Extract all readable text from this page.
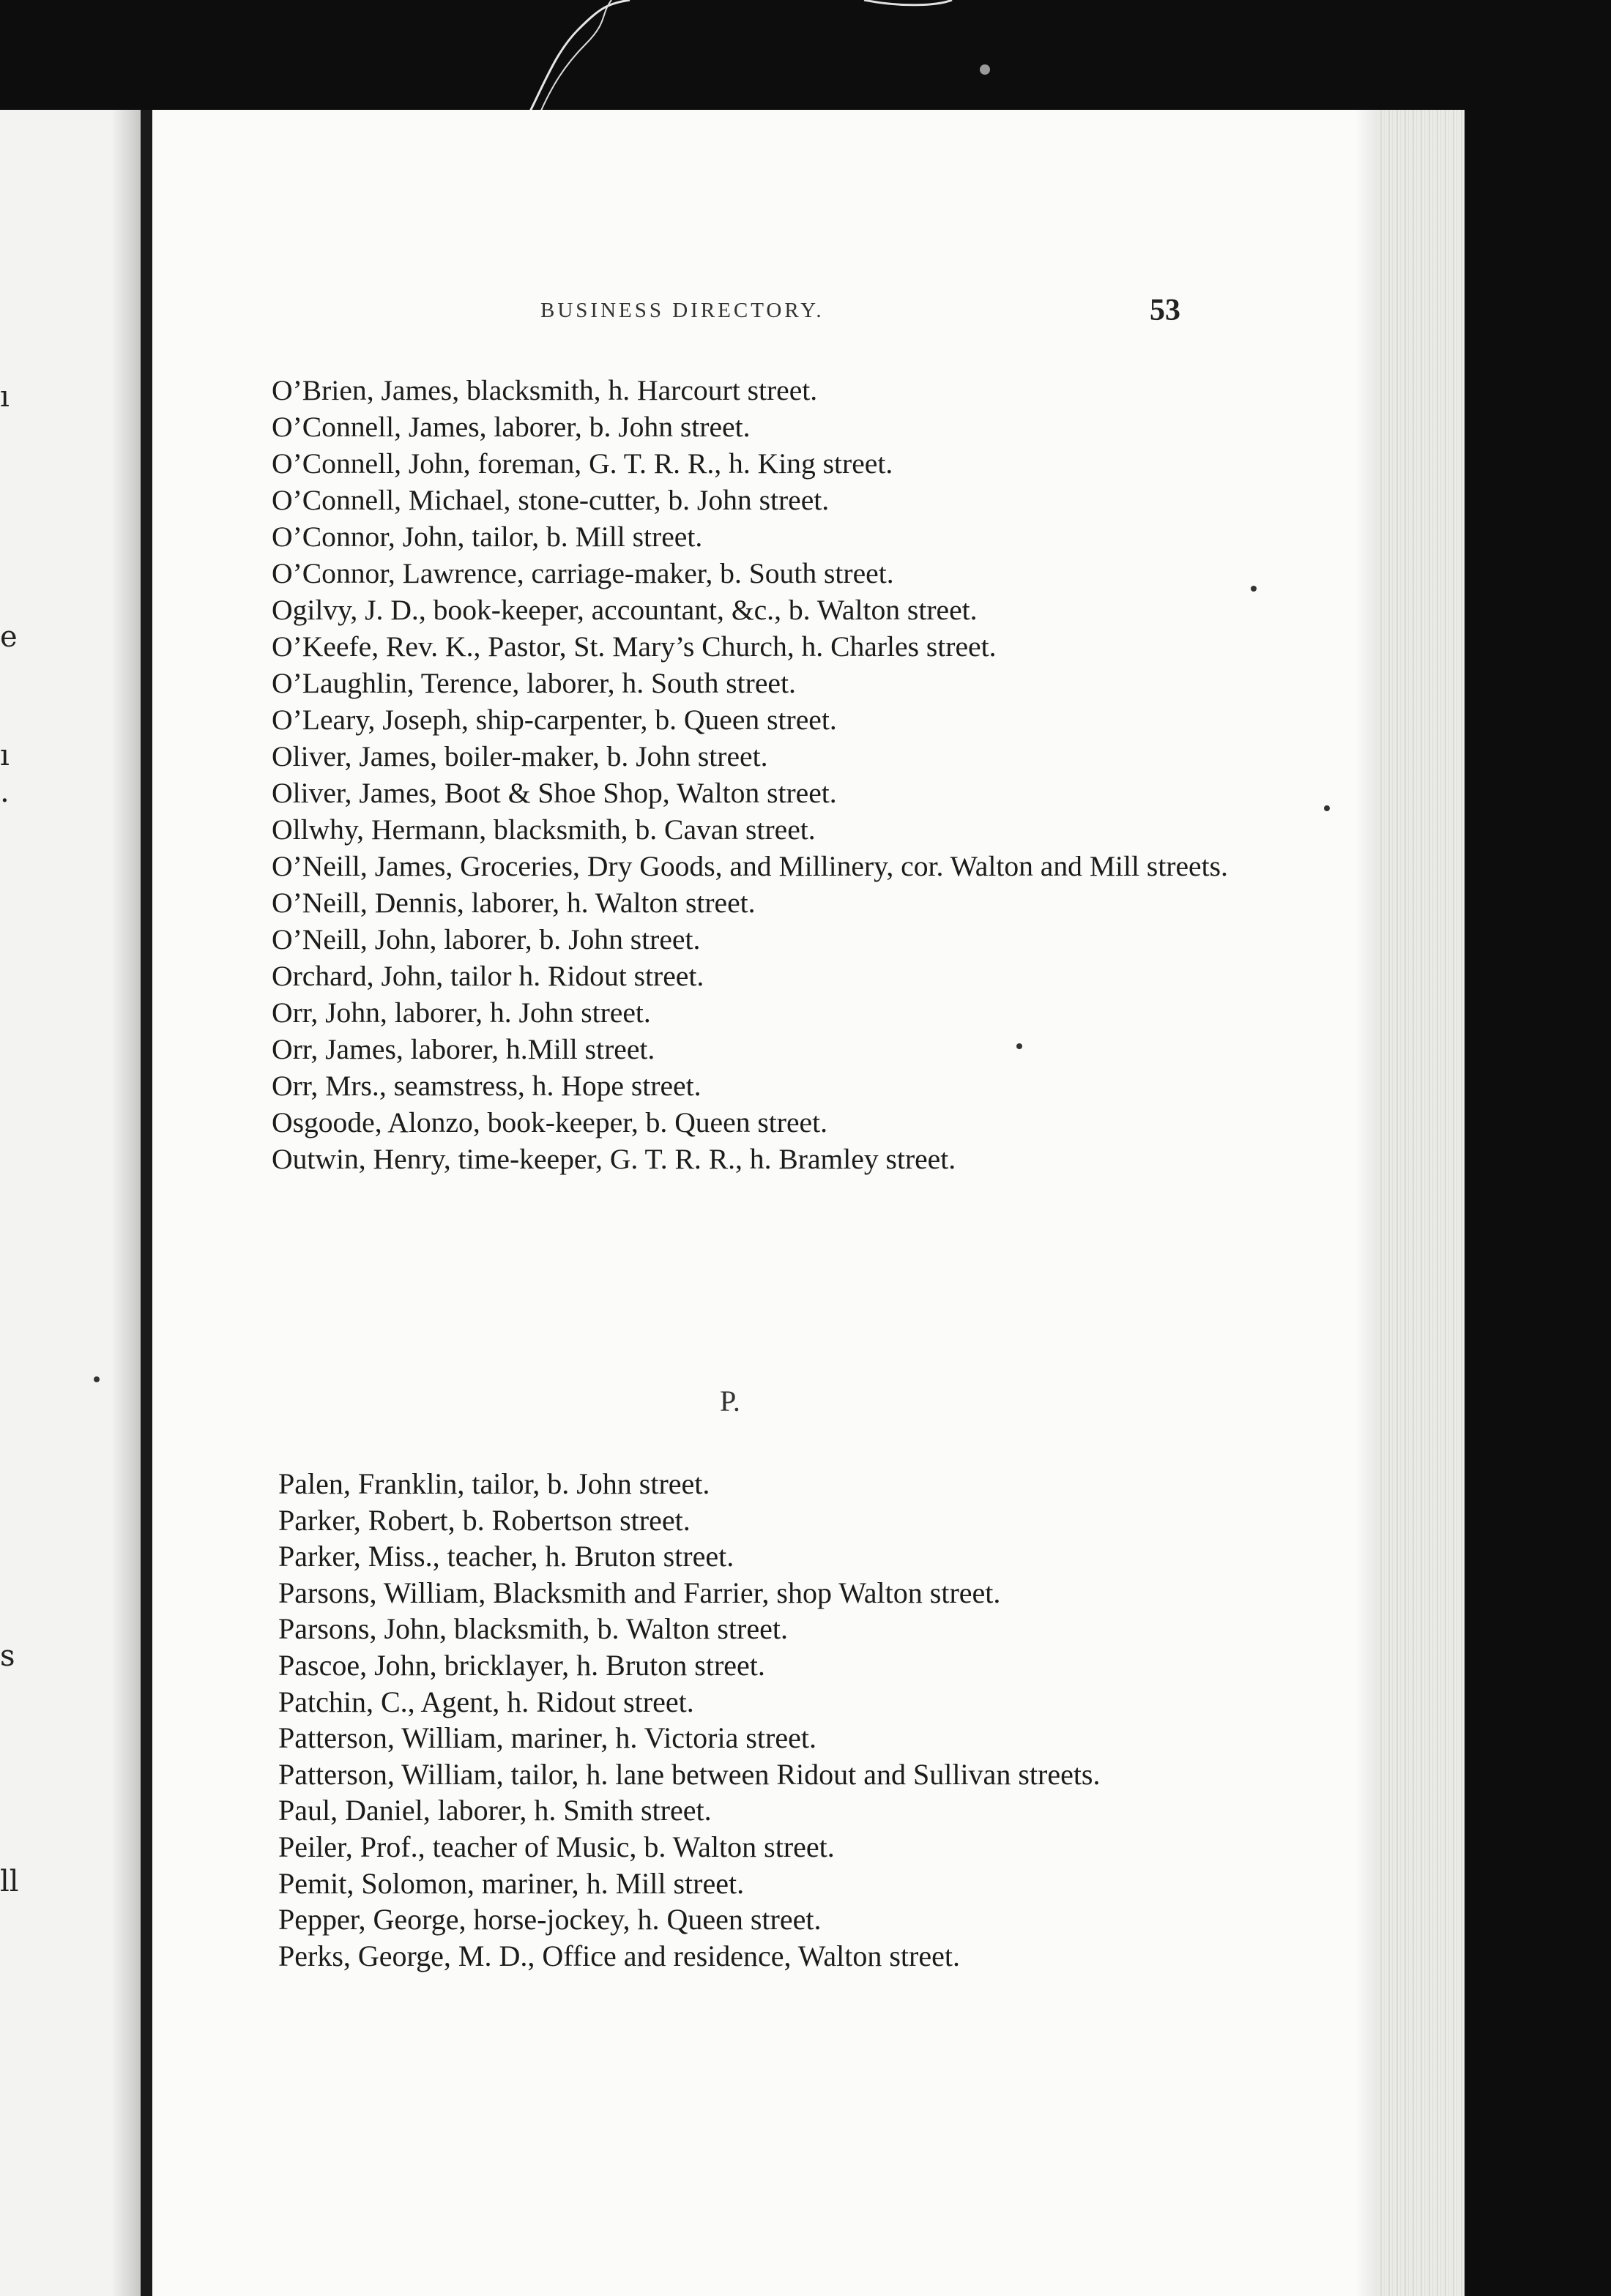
ı
e
ı
.
s
ll
BUSINESS DIRECTORY.	53
O’Brien, James, blacksmith, h. Harcourt street.
O’Connell, James, laborer, b. John street.
O’Connell, John, foreman, G. T. R. R., h. King street.
O’Connell, Michael, stone-cutter, b. John street.
O’Connor, John, tailor, b. Mill street.
O’Connor, Lawrence, carriage-maker, b. South street.
Ogilvy, J. D., book-keeper, accountant, &c., b. Walton street.
O’Keefe, Rev. K., Pastor, St. Mary’s Church, h. Charles street.
O’Laughlin, Terence, laborer, h. South street.
O’Leary, Joseph, ship-carpenter, b. Queen street.
Oliver, James, boiler-maker, b. John street.
Oliver, James, Boot & Shoe Shop, Walton street.
Ollwhy, Hermann, blacksmith, b. Cavan street.
O’Neill, James, Groceries, Dry Goods, and Millinery, cor. Walton and Mill streets.
O’Neill, Dennis, laborer, h. Walton street.
O’Neill, John, laborer, b. John street.
Orchard, John, tailor h. Ridout street.
Orr, John, laborer, h. John street.
Orr, James, laborer, h.Mill street.
Orr, Mrs., seamstress, h. Hope street.
Osgoode, Alonzo, book-keeper, b. Queen street.
Outwin, Henry, time-keeper, G. T. R. R., h. Bramley street.
P.
Palen, Franklin, tailor, b. John street.
Parker, Robert, b. Robertson street.
Parker, Miss., teacher, h. Bruton street.
Parsons, William, Blacksmith and Farrier, shop Walton street.
Parsons, John, blacksmith, b. Walton street.
Pascoe, John, bricklayer, h. Bruton street.
Patchin, C., Agent, h. Ridout street.
Patterson, William, mariner, h. Victoria street.
Patterson, William, tailor, h. lane between Ridout and Sullivan streets.
Paul, Daniel, laborer, h. Smith street.
Peiler, Prof., teacher of Music, b. Walton street.
Pemit, Solomon, mariner, h. Mill street.
Pepper, George, horse-jockey, h. Queen street.
Perks, George, M. D., Office and residence, Walton street.
